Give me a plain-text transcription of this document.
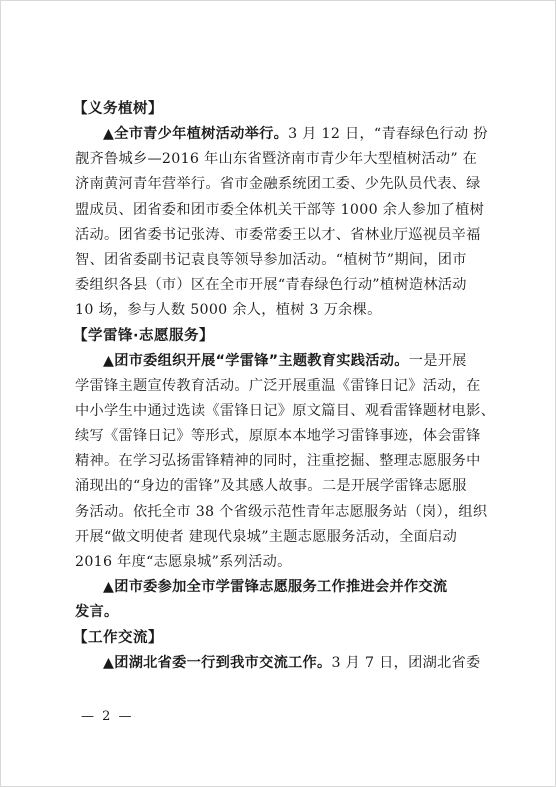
【义务植树】
▲全市青少年植树活动举行。3 月 12 日，“青春绿色行动 扮
靓齐鲁城乡—2016 年山东省暨济南市青少年大型植树活动” 在
济南黄河青年营举行。省市金融系统团工委、少先队员代表、绿
盟成员、团省委和团市委全体机关干部等 1000 余人参加了植树
活动。团省委书记张涛、市委常委王以才、省林业厅巡视员辛福
智、团省委副书记袁良等领导参加活动。“植树节”期间，团市
委组织各县（市）区在全市开展“青春绿色行动”植树造林活动
10 场，参与人数 5000 余人，植树 3 万余棵。
【学雷锋·志愿服务】
▲团市委组织开展“学雷锋”主题教育实践活动。一是开展
学雷锋主题宣传教育活动。广泛开展重温《雷锋日记》活动，在
中小学生中通过选读《雷锋日记》原文篇目、观看雷锋题材电影、
续写《雷锋日记》等形式，原原本本地学习雷锋事迹，体会雷锋
精神。在学习弘扬雷锋精神的同时，注重挖掘、整理志愿服务中
涌现出的“身边的雷锋”及其感人故事。二是开展学雷锋志愿服
务活动。依托全市 38 个省级示范性青年志愿服务站（岗），组织
开展“做文明使者 建现代泉城”主题志愿服务活动，全面启动
2016 年度“志愿泉城”系列活动。
▲团市委参加全市学雷锋志愿服务工作推进会并作交流
发言。
【工作交流】
▲团湖北省委一行到我市交流工作。3 月 7 日，团湖北省委
— 2 —
